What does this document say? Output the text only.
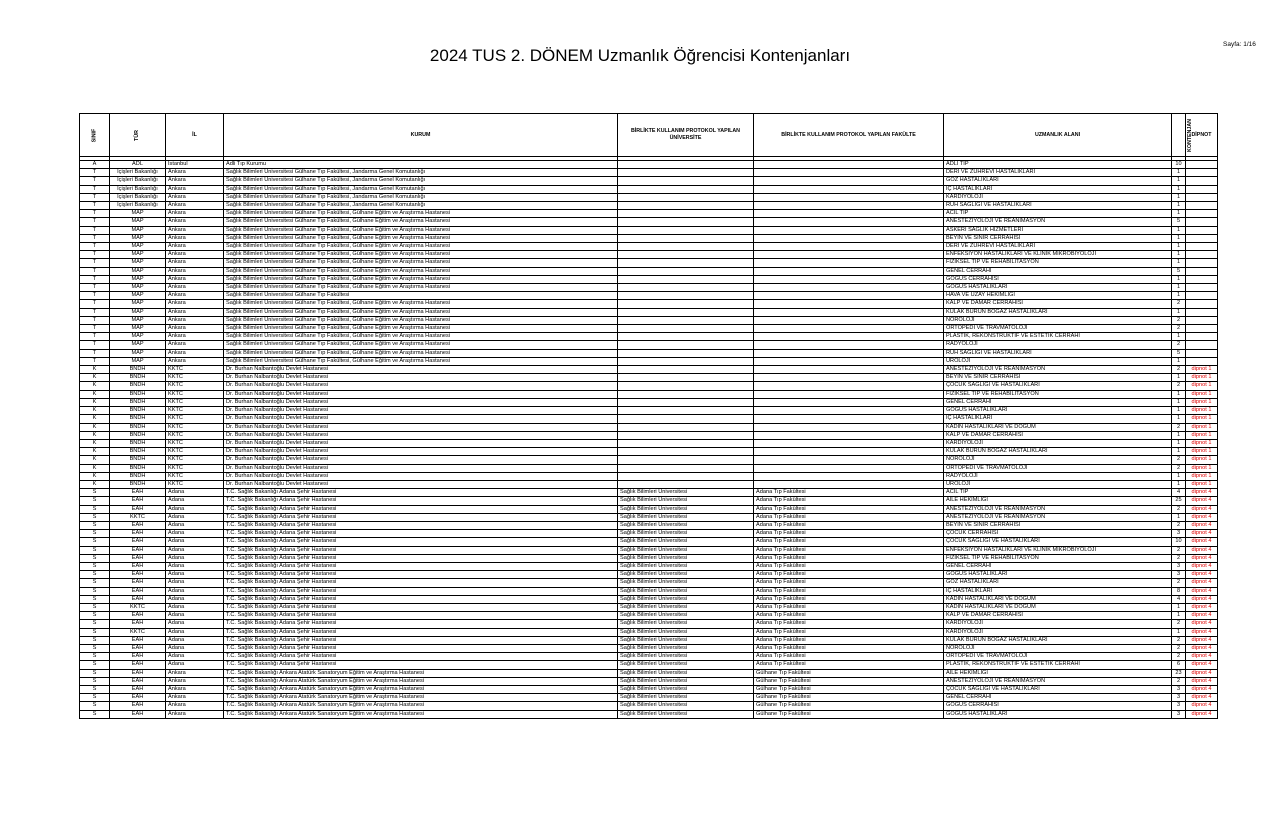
Sayfa: 1/16
2024 TUS 2. DÖNEM Uzmanlık Öğrencisi Kontenjanları
SINIF	TÜR	İL	KURUM	BİRLİKTE KULLANIM PROTOKOL YAPILAN ÜNİVERSİTE	BİRLİKTE KULLANIM PROTOKOL YAPILAN FAKÜLTE	UZMANLIK ALANI	KONTENJAN	DİPNOT

A	ADL	İstanbul	Adli Tıp Kurumu			ADLİ TIP	10	
T	İçişleri Bakanlığı	Ankara	Sağlık Bilimleri Üniversitesi Gülhane Tıp Fakültesi, Jandarma Genel Komutanlığı			DERİ VE ZÜHREVİ HASTALIKLARI	1	
T	İçişleri Bakanlığı	Ankara	Sağlık Bilimleri Üniversitesi Gülhane Tıp Fakültesi, Jandarma Genel Komutanlığı			GÖZ HASTALIKLARI	1	
T	İçişleri Bakanlığı	Ankara	Sağlık Bilimleri Üniversitesi Gülhane Tıp Fakültesi, Jandarma Genel Komutanlığı			İÇ HASTALIKLARI	1	
T	İçişleri Bakanlığı	Ankara	Sağlık Bilimleri Üniversitesi Gülhane Tıp Fakültesi, Jandarma Genel Komutanlığı			KARDİYOLOJİ	1	
T	İçişleri Bakanlığı	Ankara	Sağlık Bilimleri Üniversitesi Gülhane Tıp Fakültesi, Jandarma Genel Komutanlığı			RUH SAĞLIĞI VE HASTALIKLARI	1	
T	MAP	Ankara	Sağlık Bilimleri Üniversitesi Gülhane Tıp Fakültesi, Gülhane Eğitim ve Araştırma Hastanesi			ACİL TIP	1	
T	MAP	Ankara	Sağlık Bilimleri Üniversitesi Gülhane Tıp Fakültesi, Gülhane Eğitim ve Araştırma Hastanesi			ANESTEZİYOLOJİ VE REANİMASYON	5	
T	MAP	Ankara	Sağlık Bilimleri Üniversitesi Gülhane Tıp Fakültesi, Gülhane Eğitim ve Araştırma Hastanesi			ASKERİ SAĞLIK HİZMETLERİ	1	
T	MAP	Ankara	Sağlık Bilimleri Üniversitesi Gülhane Tıp Fakültesi, Gülhane Eğitim ve Araştırma Hastanesi			BEYİN VE SİNİR CERRAHİSİ	1	
T	MAP	Ankara	Sağlık Bilimleri Üniversitesi Gülhane Tıp Fakültesi, Gülhane Eğitim ve Araştırma Hastanesi			DERİ VE ZÜHREVİ HASTALIKLARI	1	
T	MAP	Ankara	Sağlık Bilimleri Üniversitesi Gülhane Tıp Fakültesi, Gülhane Eğitim ve Araştırma Hastanesi			ENFEKSİYON HASTALIKLARI VE KLİNİK MİKROBİYOLOJİ	1	
T	MAP	Ankara	Sağlık Bilimleri Üniversitesi Gülhane Tıp Fakültesi, Gülhane Eğitim ve Araştırma Hastanesi			FİZİKSEL TIP VE REHABİLİTASYON	1	
T	MAP	Ankara	Sağlık Bilimleri Üniversitesi Gülhane Tıp Fakültesi, Gülhane Eğitim ve Araştırma Hastanesi			GENEL CERRAHİ	5	
T	MAP	Ankara	Sağlık Bilimleri Üniversitesi Gülhane Tıp Fakültesi, Gülhane Eğitim ve Araştırma Hastanesi			GÖĞÜS CERRAHİSİ	1	
T	MAP	Ankara	Sağlık Bilimleri Üniversitesi Gülhane Tıp Fakültesi, Gülhane Eğitim ve Araştırma Hastanesi			GÖĞÜS HASTALIKLARI	1	
T	MAP	Ankara	Sağlık Bilimleri Üniversitesi Gülhane Tıp Fakültesi			HAVA VE UZAY HEKİMLİĞİ	1	
T	MAP	Ankara	Sağlık Bilimleri Üniversitesi Gülhane Tıp Fakültesi, Gülhane Eğitim ve Araştırma Hastanesi			KALP VE DAMAR CERRAHİSİ	2	
T	MAP	Ankara	Sağlık Bilimleri Üniversitesi Gülhane Tıp Fakültesi, Gülhane Eğitim ve Araştırma Hastanesi			KULAK BURUN BOĞAZ HASTALIKLARI	1	
T	MAP	Ankara	Sağlık Bilimleri Üniversitesi Gülhane Tıp Fakültesi, Gülhane Eğitim ve Araştırma Hastanesi			NÖROLOJİ	2	
T	MAP	Ankara	Sağlık Bilimleri Üniversitesi Gülhane Tıp Fakültesi, Gülhane Eğitim ve Araştırma Hastanesi			ORTOPEDİ VE TRAVMATOLOJİ	2	
T	MAP	Ankara	Sağlık Bilimleri Üniversitesi Gülhane Tıp Fakültesi, Gülhane Eğitim ve Araştırma Hastanesi			PLASTİK, REKONSTRÜKTİF VE ESTETİK CERRAHİ	1	
T	MAP	Ankara	Sağlık Bilimleri Üniversitesi Gülhane Tıp Fakültesi, Gülhane Eğitim ve Araştırma Hastanesi			RADYOLOJİ	2	
T	MAP	Ankara	Sağlık Bilimleri Üniversitesi Gülhane Tıp Fakültesi, Gülhane Eğitim ve Araştırma Hastanesi			RUH SAĞLIĞI VE HASTALIKLARI	5	
T	MAP	Ankara	Sağlık Bilimleri Üniversitesi Gülhane Tıp Fakültesi, Gülhane Eğitim ve Araştırma Hastanesi			ÜROLOJİ	1	
K	BNDH	KKTC	Dr. Burhan Nalbantoğlu Devlet Hastanesi			ANESTEZİYOLOJİ VE REANİMASYON	2	dipnot 1
K	BNDH	KKTC	Dr. Burhan Nalbantoğlu Devlet Hastanesi			BEYİN VE SİNİR CERRAHİSİ	1	dipnot 1
K	BNDH	KKTC	Dr. Burhan Nalbantoğlu Devlet Hastanesi			ÇOCUK SAĞLIĞI VE HASTALIKLARI	2	dipnot 1
K	BNDH	KKTC	Dr. Burhan Nalbantoğlu Devlet Hastanesi			FİZİKSEL TIP VE REHABİLİTASYON	1	dipnot 1
K	BNDH	KKTC	Dr. Burhan Nalbantoğlu Devlet Hastanesi			GENEL CERRAHİ	1	dipnot 1
K	BNDH	KKTC	Dr. Burhan Nalbantoğlu Devlet Hastanesi			GÖĞÜS HASTALIKLARI	1	dipnot 1
K	BNDH	KKTC	Dr. Burhan Nalbantoğlu Devlet Hastanesi			İÇ HASTALIKLARI	1	dipnot 1
K	BNDH	KKTC	Dr. Burhan Nalbantoğlu Devlet Hastanesi			KADIN HASTALIKLARI VE DOĞUM	2	dipnot 1
K	BNDH	KKTC	Dr. Burhan Nalbantoğlu Devlet Hastanesi			KALP VE DAMAR CERRAHİSİ	1	dipnot 1
K	BNDH	KKTC	Dr. Burhan Nalbantoğlu Devlet Hastanesi			KARDİYOLOJİ	1	dipnot 1
K	BNDH	KKTC	Dr. Burhan Nalbantoğlu Devlet Hastanesi			KULAK BURUN BOĞAZ HASTALIKLARI	1	dipnot 1
K	BNDH	KKTC	Dr. Burhan Nalbantoğlu Devlet Hastanesi			NÖROLOJİ	2	dipnot 1
K	BNDH	KKTC	Dr. Burhan Nalbantoğlu Devlet Hastanesi			ORTOPEDİ VE TRAVMATOLOJİ	2	dipnot 1
K	BNDH	KKTC	Dr. Burhan Nalbantoğlu Devlet Hastanesi			RADYOLOJİ	1	dipnot 1
K	BNDH	KKTC	Dr. Burhan Nalbantoğlu Devlet Hastanesi			ÜROLOJİ	1	dipnot 1
S	EAH	Adana	T.C. Sağlık Bakanlığı Adana Şehir Hastanesi	Sağlık Bilimleri Üniversitesi	Adana Tıp Fakültesi	ACİL TIP	4	dipnot 4
S	EAH	Adana	T.C. Sağlık Bakanlığı Adana Şehir Hastanesi	Sağlık Bilimleri Üniversitesi	Adana Tıp Fakültesi	AİLE HEKİMLİĞİ	25	dipnot 4
S	EAH	Adana	T.C. Sağlık Bakanlığı Adana Şehir Hastanesi	Sağlık Bilimleri Üniversitesi	Adana Tıp Fakültesi	ANESTEZİYOLOJİ VE REANİMASYON	2	dipnot 4
S	KKTC	Adana	T.C. Sağlık Bakanlığı Adana Şehir Hastanesi	Sağlık Bilimleri Üniversitesi	Adana Tıp Fakültesi	ANESTEZİYOLOJİ VE REANİMASYON	1	dipnot 4
S	EAH	Adana	T.C. Sağlık Bakanlığı Adana Şehir Hastanesi	Sağlık Bilimleri Üniversitesi	Adana Tıp Fakültesi	BEYİN VE SİNİR CERRAHİSİ	2	dipnot 4
S	EAH	Adana	T.C. Sağlık Bakanlığı Adana Şehir Hastanesi	Sağlık Bilimleri Üniversitesi	Adana Tıp Fakültesi	ÇOCUK CERRAHİSİ	3	dipnot 4
S	EAH	Adana	T.C. Sağlık Bakanlığı Adana Şehir Hastanesi	Sağlık Bilimleri Üniversitesi	Adana Tıp Fakültesi	ÇOCUK SAĞLIĞI VE HASTALIKLARI	10	dipnot 4
S	EAH	Adana	T.C. Sağlık Bakanlığı Adana Şehir Hastanesi	Sağlık Bilimleri Üniversitesi	Adana Tıp Fakültesi	ENFEKSİYON HASTALIKLARI VE KLİNİK MİKROBİYOLOJİ	2	dipnot 4
S	EAH	Adana	T.C. Sağlık Bakanlığı Adana Şehir Hastanesi	Sağlık Bilimleri Üniversitesi	Adana Tıp Fakültesi	FİZİKSEL TIP VE REHABİLİTASYON	2	dipnot 4
S	EAH	Adana	T.C. Sağlık Bakanlığı Adana Şehir Hastanesi	Sağlık Bilimleri Üniversitesi	Adana Tıp Fakültesi	GENEL CERRAHİ	3	dipnot 4
S	EAH	Adana	T.C. Sağlık Bakanlığı Adana Şehir Hastanesi	Sağlık Bilimleri Üniversitesi	Adana Tıp Fakültesi	GÖĞÜS HASTALIKLARI	3	dipnot 4
S	EAH	Adana	T.C. Sağlık Bakanlığı Adana Şehir Hastanesi	Sağlık Bilimleri Üniversitesi	Adana Tıp Fakültesi	GÖZ HASTALIKLARI	2	dipnot 4
S	EAH	Adana	T.C. Sağlık Bakanlığı Adana Şehir Hastanesi	Sağlık Bilimleri Üniversitesi	Adana Tıp Fakültesi	İÇ HASTALIKLARI	8	dipnot 4
S	EAH	Adana	T.C. Sağlık Bakanlığı Adana Şehir Hastanesi	Sağlık Bilimleri Üniversitesi	Adana Tıp Fakültesi	KADIN HASTALIKLARI VE DOĞUM	4	dipnot 4
S	KKTC	Adana	T.C. Sağlık Bakanlığı Adana Şehir Hastanesi	Sağlık Bilimleri Üniversitesi	Adana Tıp Fakültesi	KADIN HASTALIKLARI VE DOĞUM	1	dipnot 4
S	EAH	Adana	T.C. Sağlık Bakanlığı Adana Şehir Hastanesi	Sağlık Bilimleri Üniversitesi	Adana Tıp Fakültesi	KALP VE DAMAR CERRAHİSİ	1	dipnot 4
S	EAH	Adana	T.C. Sağlık Bakanlığı Adana Şehir Hastanesi	Sağlık Bilimleri Üniversitesi	Adana Tıp Fakültesi	KARDİYOLOJİ	2	dipnot 4
S	KKTC	Adana	T.C. Sağlık Bakanlığı Adana Şehir Hastanesi	Sağlık Bilimleri Üniversitesi	Adana Tıp Fakültesi	KARDİYOLOJİ	1	dipnot 4
S	EAH	Adana	T.C. Sağlık Bakanlığı Adana Şehir Hastanesi	Sağlık Bilimleri Üniversitesi	Adana Tıp Fakültesi	KULAK BURUN BOĞAZ HASTALIKLARI	2	dipnot 4
S	EAH	Adana	T.C. Sağlık Bakanlığı Adana Şehir Hastanesi	Sağlık Bilimleri Üniversitesi	Adana Tıp Fakültesi	NÖROLOJİ	2	dipnot 4
S	EAH	Adana	T.C. Sağlık Bakanlığı Adana Şehir Hastanesi	Sağlık Bilimleri Üniversitesi	Adana Tıp Fakültesi	ORTOPEDİ VE TRAVMATOLOJİ	2	dipnot 4
S	EAH	Adana	T.C. Sağlık Bakanlığı Adana Şehir Hastanesi	Sağlık Bilimleri Üniversitesi	Adana Tıp Fakültesi	PLASTİK, REKONSTRÜKTİF VE ESTETİK CERRAHİ	6	dipnot 4
S	EAH	Ankara	T.C. Sağlık Bakanlığı Ankara Atatürk Sanatoryum Eğitim ve Araştırma Hastanesi	Sağlık Bilimleri Üniversitesi	Gülhane Tıp Fakültesi	AİLE HEKİMLİĞİ	23	dipnot 4
S	EAH	Ankara	T.C. Sağlık Bakanlığı Ankara Atatürk Sanatoryum Eğitim ve Araştırma Hastanesi	Sağlık Bilimleri Üniversitesi	Gülhane Tıp Fakültesi	ANESTEZİYOLOJİ VE REANİMASYON	2	dipnot 4
S	EAH	Ankara	T.C. Sağlık Bakanlığı Ankara Atatürk Sanatoryum Eğitim ve Araştırma Hastanesi	Sağlık Bilimleri Üniversitesi	Gülhane Tıp Fakültesi	ÇOCUK SAĞLIĞI VE HASTALIKLARI	3	dipnot 4
S	EAH	Ankara	T.C. Sağlık Bakanlığı Ankara Atatürk Sanatoryum Eğitim ve Araştırma Hastanesi	Sağlık Bilimleri Üniversitesi	Gülhane Tıp Fakültesi	GENEL CERRAHİ	3	dipnot 4
S	EAH	Ankara	T.C. Sağlık Bakanlığı Ankara Atatürk Sanatoryum Eğitim ve Araştırma Hastanesi	Sağlık Bilimleri Üniversitesi	Gülhane Tıp Fakültesi	GÖĞÜS CERRAHİSİ	3	dipnot 4
S	EAH	Ankara	T.C. Sağlık Bakanlığı Ankara Atatürk Sanatoryum Eğitim ve Araştırma Hastanesi	Sağlık Bilimleri Üniversitesi	Gülhane Tıp Fakültesi	GÖĞÜS HASTALIKLARI	3	dipnot 4
